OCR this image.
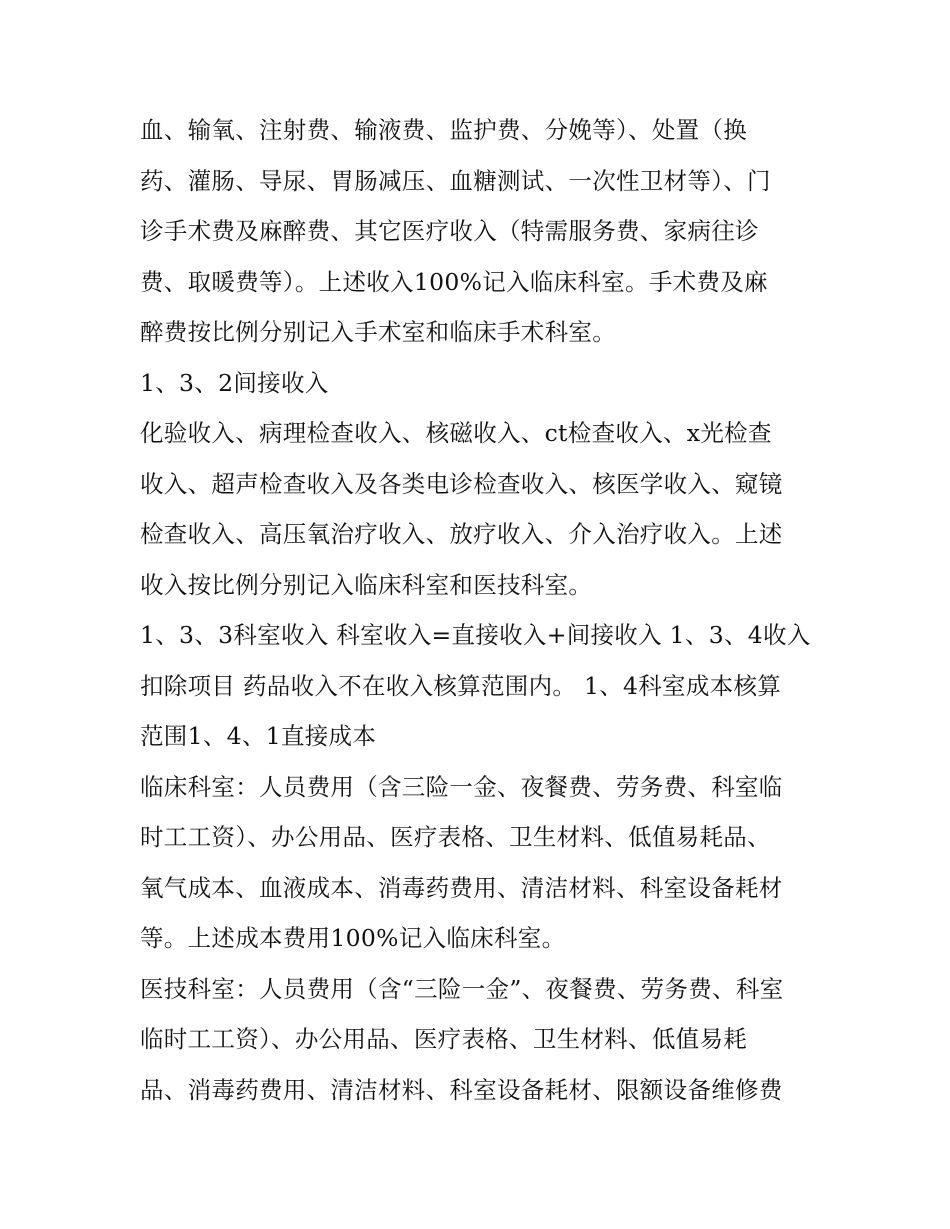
血、输氧、注射费、输液费、监护费、分娩等）、处置（换
药、灌肠、导尿、胃肠减压、血糖测试、一次性卫材等）、门
诊手术费及麻醉费、其它医疗收入（特需服务费、家病往诊
费、取暖费等）。上述收入100%记入临床科室。手术费及麻
醉费按比例分别记入手术室和临床手术科室。
1、3、2间接收入
化验收入、病理检查收入、核磁收入、ct检查收入、x光检查
收入、超声检查收入及各类电诊检查收入、核医学收入、窥镜
检查收入、高压氧治疗收入、放疗收入、介入治疗收入。上述
收入按比例分别记入临床科室和医技科室。
1、3、3科室收入 科室收入=直接收入+间接收入 1、3、4收入
扣除项目 药品收入不在收入核算范围内。 1、4科室成本核算
范围1、4、1直接成本
临床科室：人员费用（含三险一金、夜餐费、劳务费、科室临
时工工资）、办公用品、医疗表格、卫生材料、低值易耗品、
氧气成本、血液成本、消毒药费用、清洁材料、科室设备耗材
等。上述成本费用100%记入临床科室。
医技科室：人员费用（含“三险一金”、夜餐费、劳务费、科室
临时工工资）、办公用品、医疗表格、卫生材料、低值易耗
品、消毒药费用、清洁材料、科室设备耗材、限额设备维修费
